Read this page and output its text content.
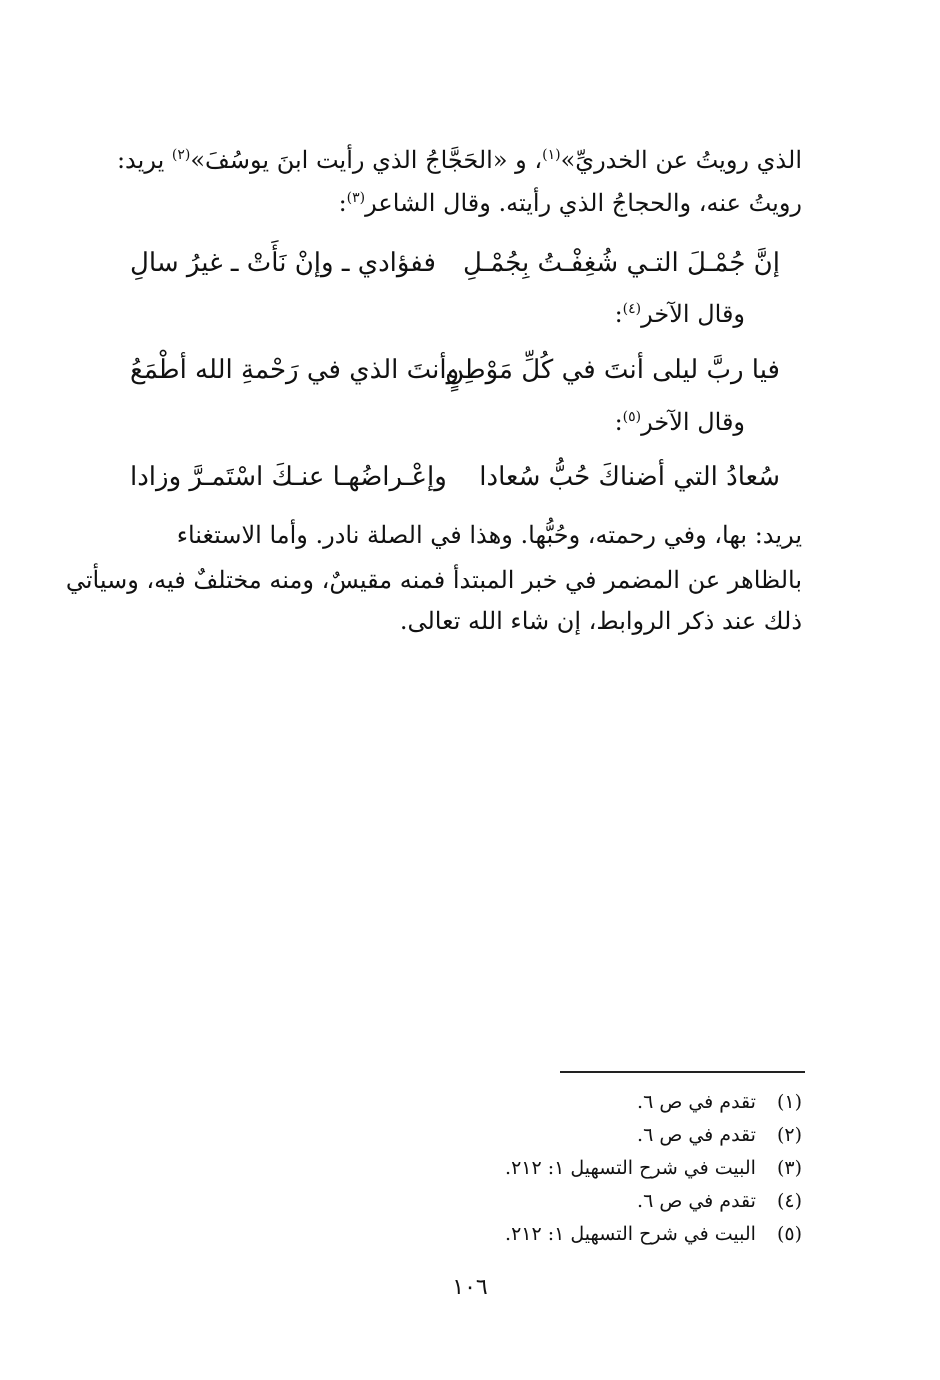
الذي رويتُ عن الخدريِّ»$^{(١)}$، و «الحَجَّاجُ الذي رأيت ابنَ يوسُفَ»$^{(٢)}$ يريد:
رويتُ عنه، والحجاجُ الذي رأيته. وقال الشاعر$^{(٣)}$:
إنَّ جُمْـلَ التـي شُغِفْـتُ بِجُمْـلِ
ففؤادي ـ وإنْ نَأَتْ ـ غيرُ سالِ
وقال الآخر$^{(٤)}$:
فيا ربَّ ليلى أنتَ في كُلِّ مَوْطِنٍ
وأنتَ الذي في رَحْمةِ الله أطْمَعُ
وقال الآخر$^{(٥)}$:
سُعادُ التي أضناكَ حُبُّ سُعادا
وإعْـراضُهـا عنـكَ اسْتَمـرَّ وزادا
يريد: بها، وفي رحمته، وحُبُّها. وهذا في الصلة نادر. وأما الاستغناء
بالظاهر عن المضمر في خبر المبتدأ فمنه مقيسٌ، ومنه مختلفٌ فيه، وسيأتي
ذلك عند ذكر الروابط، إن شاء الله تعالى.
(١) تقدم في ص ٦.
(٢) تقدم في ص ٦.
(٣) البيت في شرح التسهيل ١: ٢١٢.
(٤) تقدم في ص ٦.
(٥) البيت في شرح التسهيل ١: ٢١٢.
١٠٦
